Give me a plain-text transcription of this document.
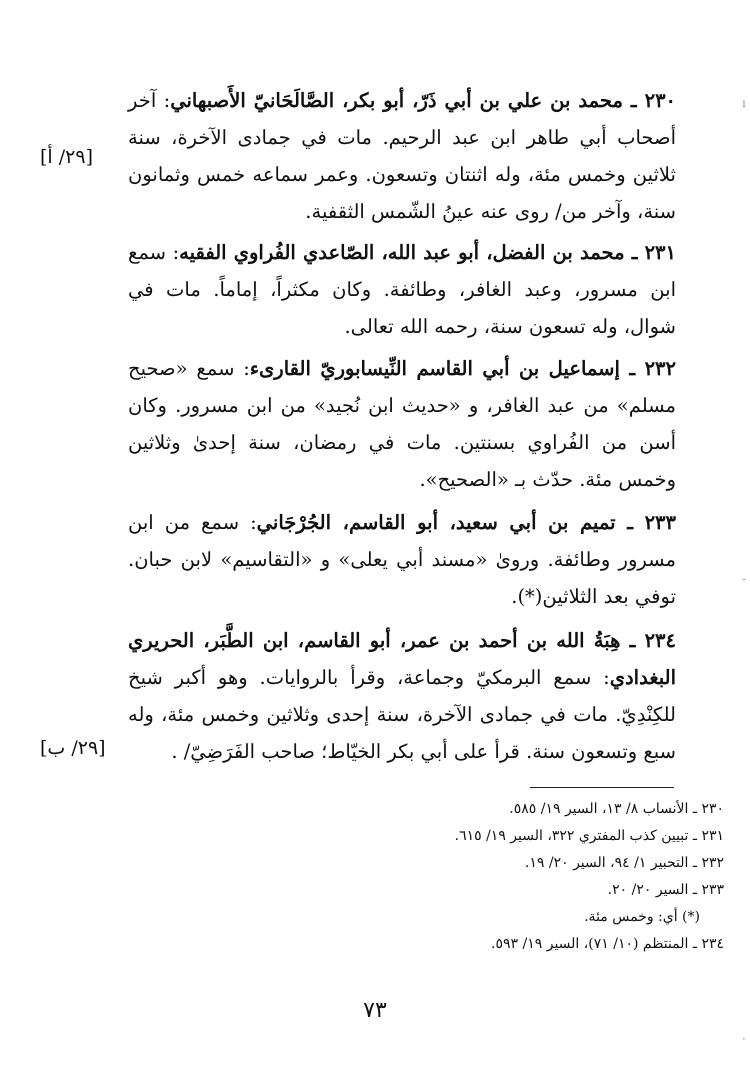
٢٣٠ ـ محمد بن علي بن أبي ذَرّ، أبو بكر، الصَّالَحَانيّ الأَصبهاني: آخر أصحاب أبي طاهر ابن عبد الرحيم. مات في جمادى الآخرة، سنة ثلاثين وخمس مئة، وله اثنتان وتسعون. وعمر سماعه خمس وثمانون سنة، وآخر من/ روى عنه عينُ الشّمس الثقفية.

٢٣١ ـ محمد بن الفضل، أبو عبد الله، الصّاعدي الفُراوي الفقيه: سمع ابن مسرور، وعبد الغافر، وطائفة. وكان مكثراً، إماماً. مات في شوال، وله تسعون سنة، رحمه الله تعالى.

٢٣٢ ـ إسماعيل بن أبي القاسم النِّيسابوريّ القارىء: سمع «صحيح مسلم» من عبد الغافر، و «حديث ابن نُجيد» من ابن مسرور. وكان أسن من الفُراوي بسنتين. مات في رمضان، سنة إحدىٰ وثلاثين وخمس مئة. حدّث بـ «الصحيح».

٢٣٣ ـ تميم بن أبي سعيد، أبو القاسم، الجُرْجَاني: سمع من ابن مسرور وطائفة. وروىٰ «مسند أبي يعلى» و «التقاسيم» لابن حبان. توفي بعد الثلاثين(*).

٢٣٤ ـ هِبَةُ الله بن أحمد بن عمر، أبو القاسم، ابن الطَّبَر، الحريري البغدادي: سمع البرمكيّ وجماعة، وقرأ بالروايات. وهو أكبر شيخ للكِنْدِيّ. مات في جمادى الآخرة، سنة إحدى وثلاثين وخمس مئة، وله سبع وتسعون سنة. قرأ على أبي بكر الخيّاط؛ صاحب الفَرَضِيّ/ .

[٢٩/ أ]
[٢٩/ ب]
٢٣٠ ـ الأنساب ٨/ ١٣، السير ١٩/ ٥٨٥.
٢٣١ ـ تبيين كذب المفتري ٣٢٢، السير ١٩/ ٦١٥.
٢٣٢ ـ التحبير ١/ ٩٤، السير ٢٠/ ١٩.
٢٣٣ ـ السير ٢٠/ ٢٠.
(*) أي: وخمس مئة.
٢٣٤ ـ المنتظم (١٠/ ٧١)، السير ١٩/ ٥٩٣.
٧٣
ı
-
·
